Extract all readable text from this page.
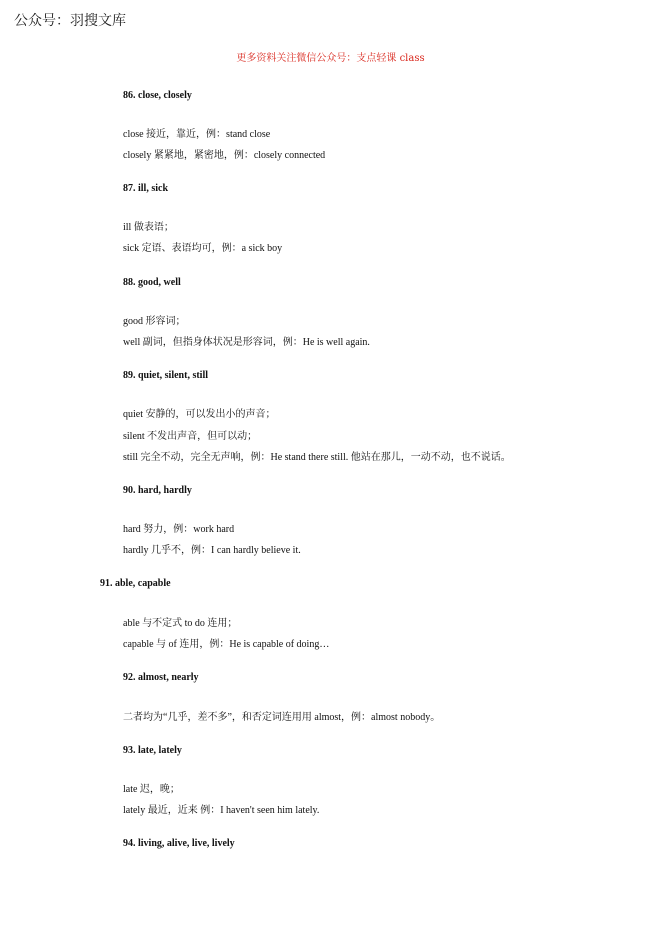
公众号：羽搜文库
更多资料关注微信公众号：支点轻课 class
86. close, closely
close 接近，靠近，例：stand close
closely 紧紧地，紧密地，例：closely connected
87. ill, sick
ill 做表语；
sick 定语、表语均可，例：a sick boy
88. good, well
good 形容词；
well 副词，但指身体状况是形容词，例：He is well again.
89. quiet, silent, still
quiet 安静的，可以发出小的声音；
silent 不发出声音，但可以动；
still 完全不动，完全无声响，例：He stand there still. 他站在那儿，一动不动，也不说话。
90. hard, hardly
hard 努力，例：work hard
hardly 几乎不，例：I can hardly believe it.
91. able, capable
able 与不定式 to do 连用；
capable 与 of 连用，例：He is capable of doing…
92. almost, nearly
二者均为“几乎，差不多”，和否定词连用用 almost，例：almost nobody。
93. late, lately
late 迟，晚；
lately 最近，近来 例：I haven't seen him lately.
94. living, alive, live, lively
